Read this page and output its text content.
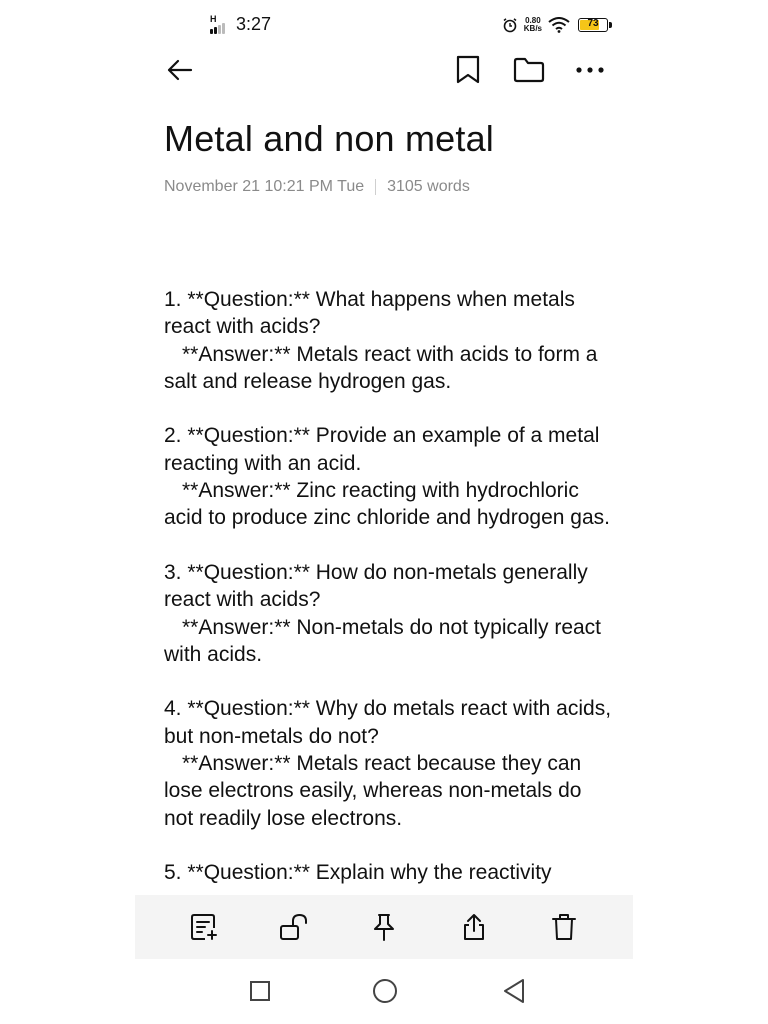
H 3:27	0.80
KB/s	73
Metal and non metal
November 21 10:21 PM Tue 3105 words

1. **Question:** What happens when metals react with acids?

**Answer:** Metals react with acids to form a salt and release hydrogen gas.

2. **Question:** Provide an example of a metal reacting with an acid.

**Answer:** Zinc reacting with hydrochloric acid to produce zinc chloride and hydrogen gas.

3. **Question:** How do non-metals generally react with acids?

**Answer:** Non-metals do not typically react with acids.

4. **Question:** Why do metals react with acids, but non-metals do not?

**Answer:** Metals react because they can lose electrons easily, whereas non-metals do not readily lose electrons.

5. **Question:** Explain why the reactivity
